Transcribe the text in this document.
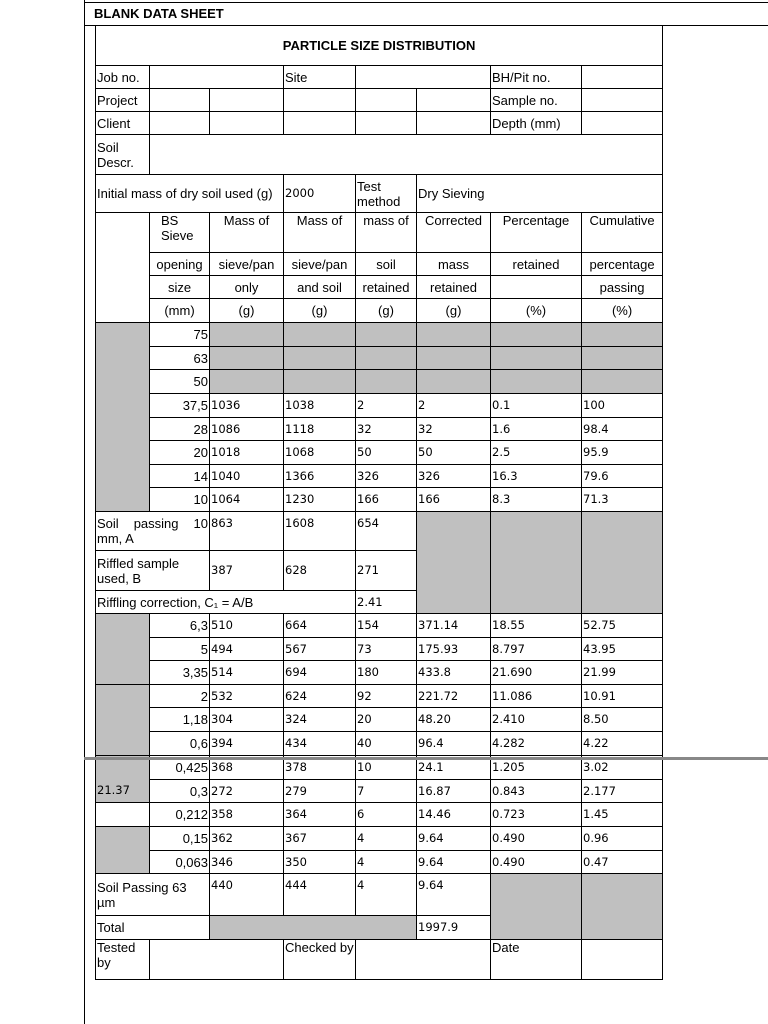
BLANK DATA SHEET
PARTICLE SIZE DISTRIBUTION							
Job no.			Site			BH/Pit no.	
Project						Sample no.	
Client						Depth (mm)	
Soil Descr.							
Initial mass of dry soil used (g)			2000	Test method	Dry Sieving		
	BS Sieve	Mass of	Mass of	mass of	Corrected	Percentage	Cumulative
	opening	sieve/pan	sieve/pan	soil	mass	retained	percentage
	size	only	and soil	retained	retained		passing
	(mm)	(g)	(g)	(g)	(g)	(%)	(%)
	75						
	63						
	50						
	37,5	1036	1038	2	2	0.1	100
	28	1086	1118	32	32	1.6	98.4
	20	1018	1068	50	50	2.5	95.9
	14	1040	1366	326	326	16.3	79.6
	10	1064	1230	166	166	8.3	71.3
Soil passing 10 mm, A		863	1608	654			
Riffled sample used, B		387	628	271			
Riffling correction, C₁ = A/B				2.41			
	6,3	510	664	154	371.14	18.55	52.75
	5	494	567	73	175.93	8.797	43.95
	3,35	514	694	180	433.8	21.690	21.99
	2	532	624	92	221.72	11.086	10.91
	1,18	304	324	20	48.20	2.410	8.50
	0,6	394	434	40	96.4	4.282	4.22

21.37	0,425	368	378	10	24.1	1.205	3.02
	0,3	272	279	7	16.87	0.843	2.177
	0,212	358	364	6	14.46	0.723	1.45
	0,15	362	367	4	9.64	0.490	0.96
	0,063	346	350	4	9.64	0.490	0.47
Soil Passing 63 µm		440	444	4	9.64		
Total					1997.9		
Tested by			Checked by			Date	
